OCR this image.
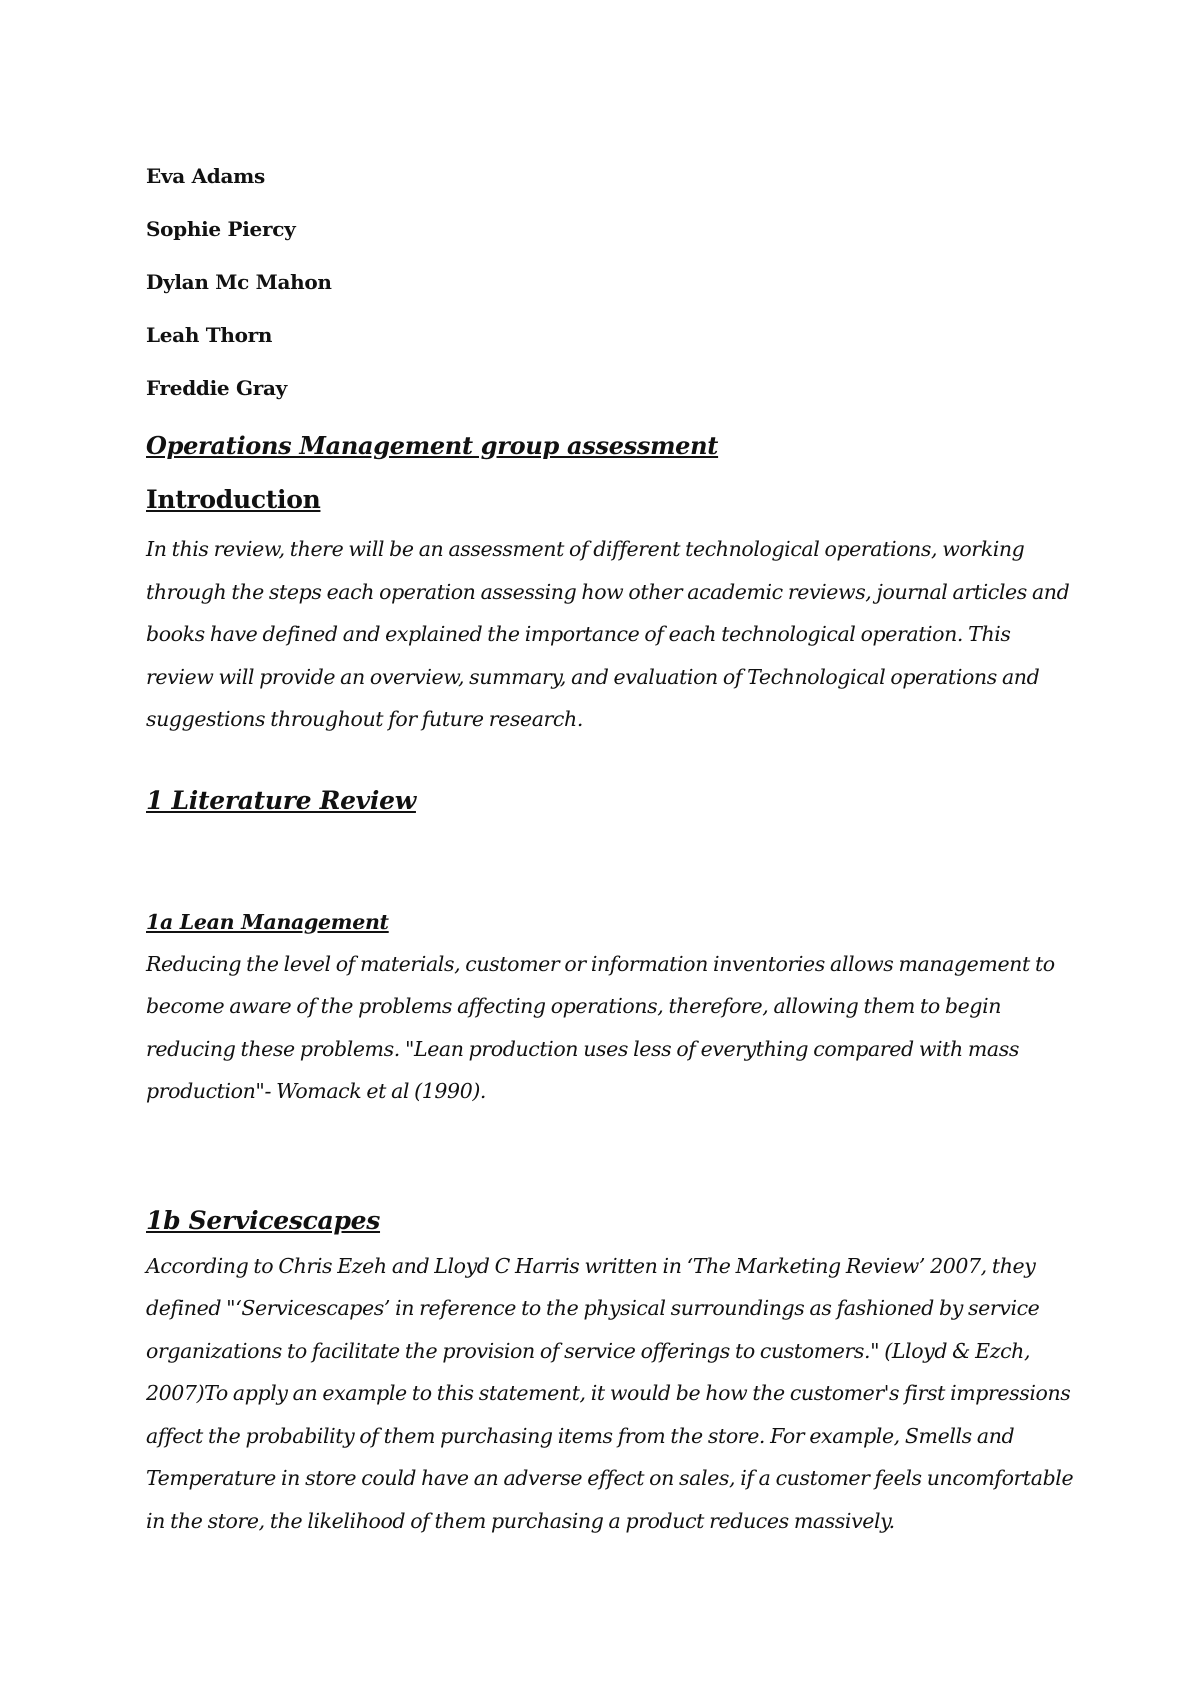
Eva Adams
Sophie Piercy
Dylan Mc Mahon
Leah Thorn
Freddie Gray
Operations Management group assessment
Introduction

In this review, there will be an assessment of different technological operations, working through the steps each operation assessing how other academic reviews, journal articles and books have defined and explained the importance of each technological operation. This review will provide an overview, summary, and evaluation of Technological operations and suggestions throughout for future research.

1 Literature Review
1a Lean Management

Reducing the level of materials, customer or information inventories allows management to become aware of the problems affecting operations, therefore, allowing them to begin reducing these problems. "Lean production uses less of everything compared with mass production"- Womack et al (1990).

1b Servicescapes

According to Chris Ezeh and Lloyd C Harris written in ‘The Marketing Review’ 2007, they defined "‘Servicescapes’ in reference to the physical surroundings as fashioned by service organizations to facilitate the provision of service offerings to customers." (Lloyd & Ezch, 2007)To apply an example to this statement, it would be how the customer's first impressions affect the probability of them purchasing items from the store. For example, Smells and Temperature in store could have an adverse effect on sales, if a customer feels uncomfortable in the store, the likelihood of them purchasing a product reduces massively.
